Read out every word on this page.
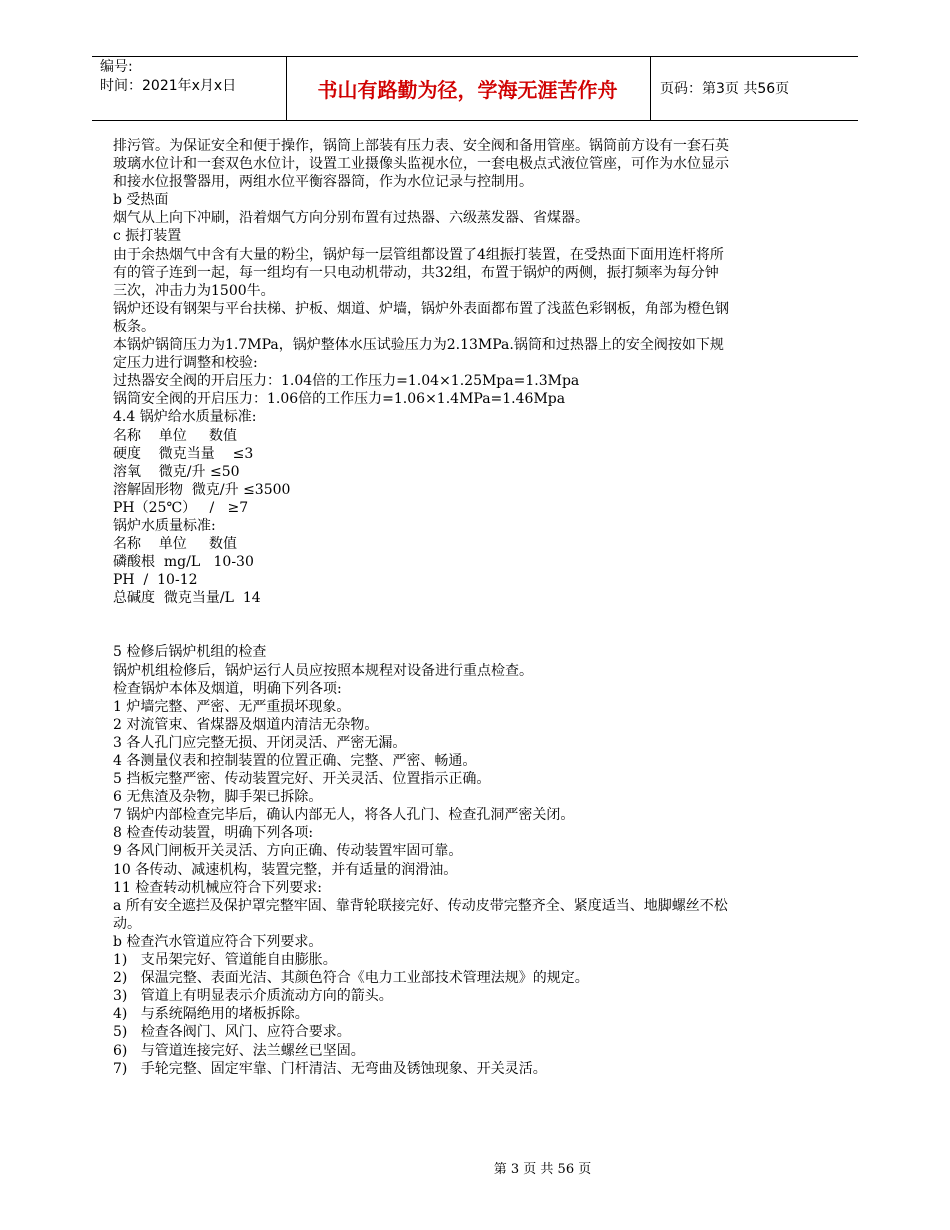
编号:
时间：2021年x月x日	书山有路勤为径，学海无涯苦作舟	页码：第3页 共56页

排污管。为保证安全和便于操作，锅筒上部装有压力表、安全阀和备用管座。锅筒前方设有一套石英

玻璃水位计和一套双色水位计，设置工业摄像头监视水位，一套电极点式液位管座，可作为水位显示

和接水位报警器用，两组水位平衡容器筒，作为水位记录与控制用。

b 受热面

烟气从上向下冲刷，沿着烟气方向分别布置有过热器、六级蒸发器、省煤器。

c 振打装置

由于余热烟气中含有大量的粉尘，锅炉每一层管组都设置了4组振打装置，在受热面下面用连杆将所

有的管子连到一起，每一组均有一只电动机带动，共32组，布置于锅炉的两侧，振打频率为每分钟

三次，冲击力为1500牛。

锅炉还设有钢架与平台扶梯、护板、烟道、炉墙，锅炉外表面都布置了浅蓝色彩钢板，角部为橙色钢

板条。

本锅炉锅筒压力为1.7MPa，锅炉整体水压试验压力为2.13MPa.锅筒和过热器上的安全阀按如下规

定压力进行调整和校验:

过热器安全阀的开启压力：1.04倍的工作压力=1.04×1.25Mpa=1.3Mpa

锅筒安全阀的开启压力：1.06倍的工作压力=1.06×1.4MPa=1.46Mpa

4.4 锅炉给水质量标准:

名称    单位     数值

硬度    微克当量    ≤3

溶氧    微克/升 ≤50

溶解固形物  微克/升 ≤3500

PH（25℃）   /   ≥7

锅炉水质量标准:

名称    单位     数值

磷酸根  mg/L   10-30

PH  /  10-12

总碱度  微克当量/L  14

5 检修后锅炉机组的检查

锅炉机组检修后，锅炉运行人员应按照本规程对设备进行重点检查。

检查锅炉本体及烟道，明确下列各项:

1 炉墙完整、严密、无严重损坏现象。

2 对流管束、省煤器及烟道内清洁无杂物。

3 各人孔门应完整无损、开闭灵活、严密无漏。

4 各测量仪表和控制装置的位置正确、完整、严密、畅通。

5 挡板完整严密、传动装置完好、开关灵活、位置指示正确。

6 无焦渣及杂物，脚手架已拆除。

7 锅炉内部检查完毕后，确认内部无人，将各人孔门、检查孔洞严密关闭。

8 检查传动装置，明确下列各项:

9 各风门闸板开关灵活、方向正确、传动装置牢固可靠。

10 各传动、减速机构，装置完整，并有适量的润滑油。

11 检查转动机械应符合下列要求:

a 所有安全遮拦及保护罩完整牢固、靠背轮联接完好、传动皮带完整齐全、紧度适当、地脚螺丝不松

动。

b 检查汽水管道应符合下列要求。

1)   支吊架完好、管道能自由膨胀。

2)   保温完整、表面光洁、其颜色符合《电力工业部技术管理法规》的规定。

3)   管道上有明显表示介质流动方向的箭头。

4)   与系统隔绝用的堵板拆除。

5)   检查各阀门、风门、应符合要求。

6)   与管道连接完好、法兰螺丝已坚固。

7)   手轮完整、固定牢靠、门杆清洁、无弯曲及锈蚀现象、开关灵活。

第 3 页 共 56 页
